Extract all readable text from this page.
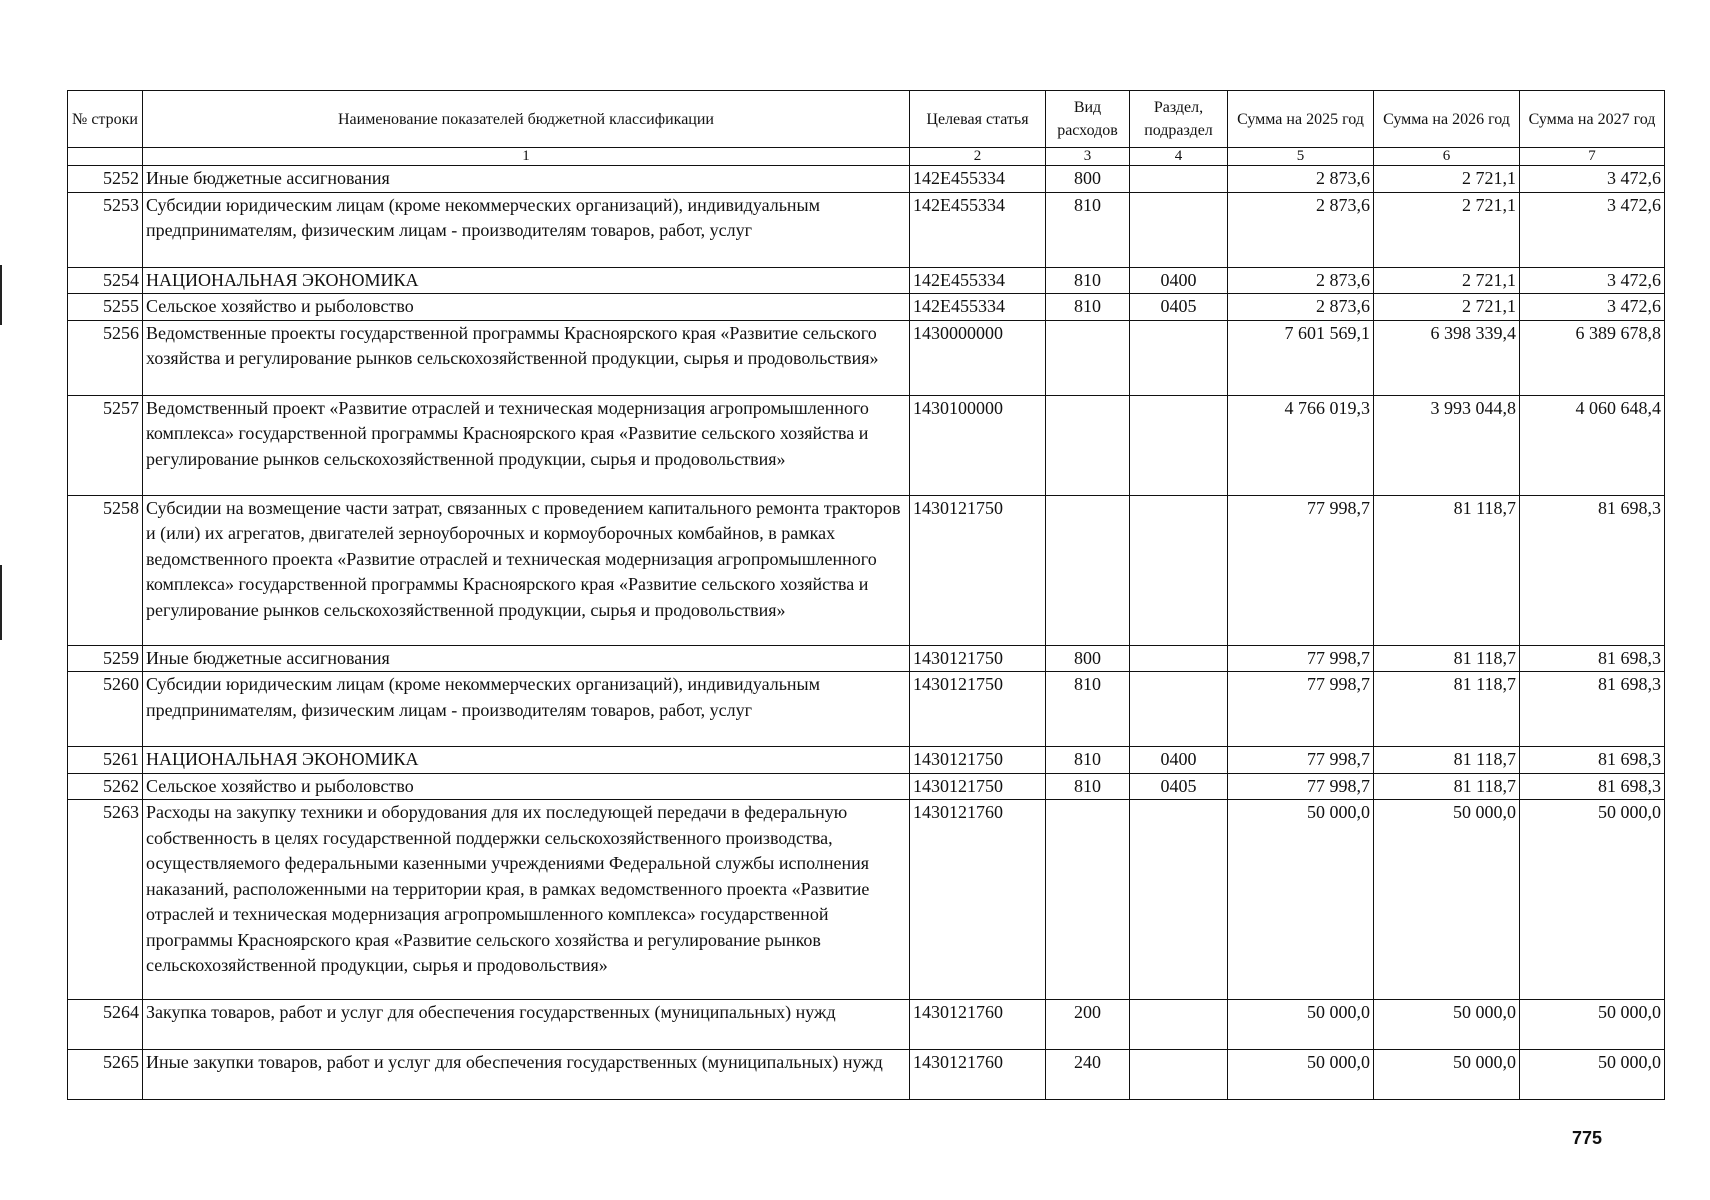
№ строки	Наименование показателей бюджетной классификации	Целевая статья	Вид расходов	Раздел, подраздел	Сумма на 2025 год	Сумма на 2026 год	Сумма на 2027 год
	1	2	3	4	5	6	7
5252	Иные бюджетные ассигнования	142E455334	800		2 873,6	2 721,1	3 472,6
5253	Субсидии юридическим лицам (кроме некоммерческих организаций), индивидуальным предпринимателям, физическим лицам - производителям товаров, работ, услуг	142E455334	810		2 873,6	2 721,1	3 472,6
5254	НАЦИОНАЛЬНАЯ ЭКОНОМИКА	142E455334	810	0400	2 873,6	2 721,1	3 472,6
5255	Сельское хозяйство и рыболовство	142E455334	810	0405	2 873,6	2 721,1	3 472,6
5256	Ведомственные проекты государственной программы Красноярского края «Развитие сельского хозяйства и регулирование рынков сельскохозяйственной продукции, сырья и продовольствия»	1430000000			7 601 569,1	6 398 339,4	6 389 678,8
5257	Ведомственный проект «Развитие отраслей и техническая модернизация агропромышленного комплекса» государственной программы Красноярского края «Развитие сельского хозяйства и регулирование рынков сельскохозяйственной продукции, сырья и продовольствия»	1430100000			4 766 019,3	3 993 044,8	4 060 648,4
5258	Субсидии на возмещение части затрат, связанных с проведением капитального ремонта тракторов и (или) их агрегатов, двигателей зерноуборочных и кормоуборочных комбайнов, в рамках ведомственного проекта «Развитие отраслей и техническая модернизация агропромышленного комплекса» государственной программы Красноярского края «Развитие сельского хозяйства и регулирование рынков сельскохозяйственной продукции, сырья и продовольствия»	1430121750			77 998,7	81 118,7	81 698,3
5259	Иные бюджетные ассигнования	1430121750	800		77 998,7	81 118,7	81 698,3
5260	Субсидии юридическим лицам (кроме некоммерческих организаций), индивидуальным предпринимателям, физическим лицам - производителям товаров, работ, услуг	1430121750	810		77 998,7	81 118,7	81 698,3
5261	НАЦИОНАЛЬНАЯ ЭКОНОМИКА	1430121750	810	0400	77 998,7	81 118,7	81 698,3
5262	Сельское хозяйство и рыболовство	1430121750	810	0405	77 998,7	81 118,7	81 698,3
5263	Расходы на закупку техники и оборудования для их последующей передачи в федеральную собственность в целях государственной поддержки сельскохозяйственного производства, осуществляемого федеральными казенными учреждениями Федеральной службы исполнения наказаний, расположенными на территории края, в рамках ведомственного проекта «Развитие отраслей и техническая модернизация агропромышленного комплекса» государственной программы Красноярского края «Развитие сельского хозяйства и регулирование рынков сельскохозяйственной продукции, сырья и продовольствия»	1430121760			50 000,0	50 000,0	50 000,0
5264	Закупка товаров, работ и услуг для обеспечения государственных (муниципальных) нужд	1430121760	200		50 000,0	50 000,0	50 000,0
5265	Иные закупки товаров, работ и услуг для обеспечения государственных (муниципальных) нужд	1430121760	240		50 000,0	50 000,0	50 000,0
775
